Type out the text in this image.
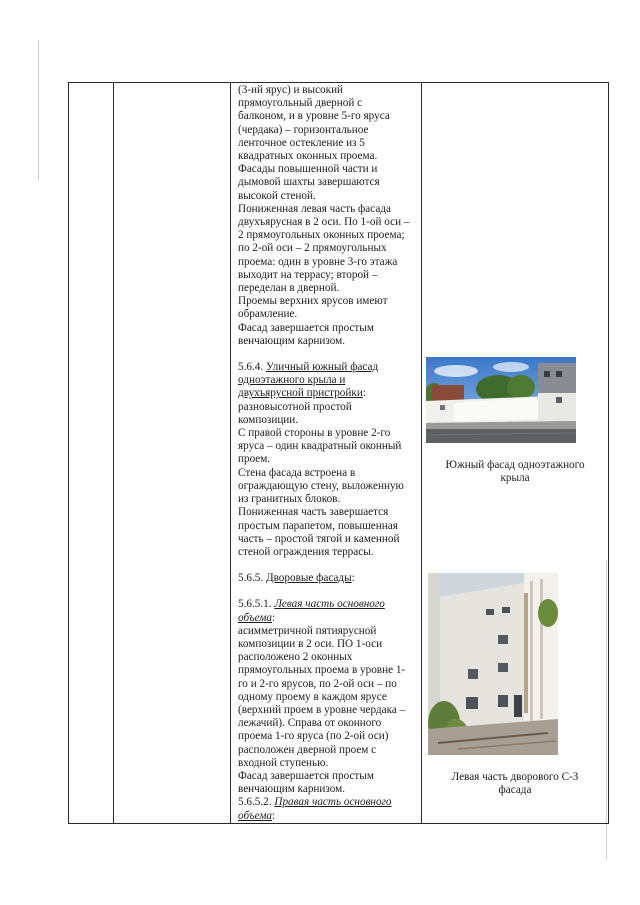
(3-ий ярус) и высокий

прямоугольный дверной с

балконом, и в уровне 5-го яруса

(чердака) – горизонтальное

ленточное остекление из 5

квадратных оконных проема.

Фасады повышенной части и

дымовой шахты завершаются

высокой стеной.

Пониженная левая часть фасада

двухъярусная в 2 оси. По 1-ой оси –

2 прямоугольных оконных проема;

по 2-ой оси – 2 прямоугольных

проема: один в уровне 3-го этажа

выходит на террасу; второй –

переделан в дверной.

Проемы верхних ярусов имеют

обрамление.

Фасад завершается простым

венчающим карнизом.

5.6.4. Уличный южный фасад
одноэтажного крыла и
двухъярусной пристройки:

разновысотной простой

композиции.

С правой стороны в уровне 2-го

яруса – один квадратный оконный

проем.

Стена фасада встроена в

ограждающую стену, выложенную

из гранитных блоков.

Пониженная часть завершается

простым парапетом, повышенная

часть – простой тягой и каменной

стеной ограждения террасы.

5.6.5. Дворовые фасады:

5.6.5.1. Левая часть основного
объема:

асимметричной пятиярусной

композиции в 2 оси. ПО 1-оси

расположено 2 оконных

прямоугольных проема в уровне 1-

го и 2-го ярусов, по 2-ой оси – по

одному проему в каждом ярусе

(верхний проем в уровне чердака –

лежачий). Справа от оконного

проема 1-го яруса (по 2-ой оси)

расположен дверной проем с

входной ступенью.

Фасад завершается простым

венчающим карнизом.

5.6.5.2. Правая часть основного
объема:

Южный фасад одноэтажного
крыла
Левая часть дворового С-З
фасада
